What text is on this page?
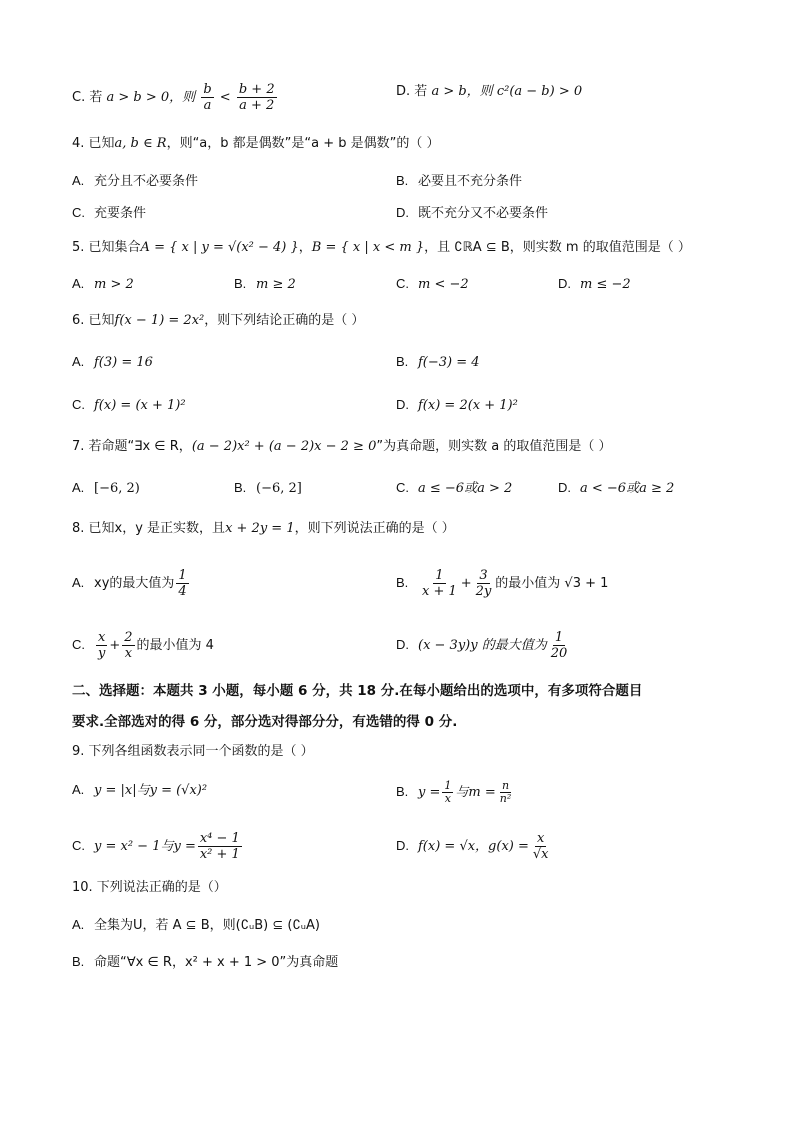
C. 若 a > b > 0，则 $\frac{b}{a} < \frac{b + 2}{a + 2}$	D. 若 a > b，则 c²(a − b) > 0
4. 已知a, b ∈ R，则“a，b 都是偶数”是“a + b 是偶数”的（ ）
A. 充分且不必要条件	B. 必要且不充分条件
C. 充要条件	D. 既不充分又不必要条件
5. 已知集合A = { x | y = √(x² − 4) }，B = { x | x < m }，且 ∁ℝA ⊆ B，则实数 m 的取值范围是（ ）
A. m > 2	B. m ≥ 2	C. m < −2	D. m ≤ −2
6. 已知f(x − 1) = 2x²，则下列结论正确的是（ ）
A. f(3) = 16	B. f(−3) = 4
C. f(x) = (x + 1)²	D. f(x) = 2(x + 1)²
7. 若命题“∃x ∈ R，(a − 2)x² + (a − 2)x − 2 ≥ 0”为真命题，则实数 a 的取值范围是（ ）
A. [−6, 2)	B. (−6, 2]	C. a ≤ −6或a > 2	D. a < −6或a ≥ 2
8. 已知x，y 是正实数，且x + 2y = 1，则下列说法正确的是（ ）
A. xy的最大值为 $\frac{1}{4}$	B. $\frac{1}{x + 1} + \frac{3}{2y}$ 的最小值为 √3 + 1
C. $\frac{x}{y} + \frac{2}{x}$ 的最小值为 4	D. (x − 3y)y 的最大值为 $\frac{1}{20}$
二、选择题：本题共 3 小题，每小题 6 分，共 18 分.在每小题给出的选项中，有多项符合题目
要求.全部选对的得 6 分，部分选对得部分分，有选错的得 0 分.
9. 下列各组函数表示同一个函数的是（ ）
A. y = |x|与y = (√x)²	B. $y = \frac{1}{x}$ 与$m = \frac{n}{\text{n²}}$
C. y = x² − 1与$y = \frac{\text{x⁴ − 1}}{\text{x² + 1}}$	D. f(x) = √x，$g(x) = \frac{x}{√x}$
10. 下列说法正确的是（）
A. 全集为U，若 A ⊆ B，则(∁ᵤB) ⊆ (∁ᵤA)
B. 命题“∀x ∈ R，x² + x + 1 > 0”为真命题
